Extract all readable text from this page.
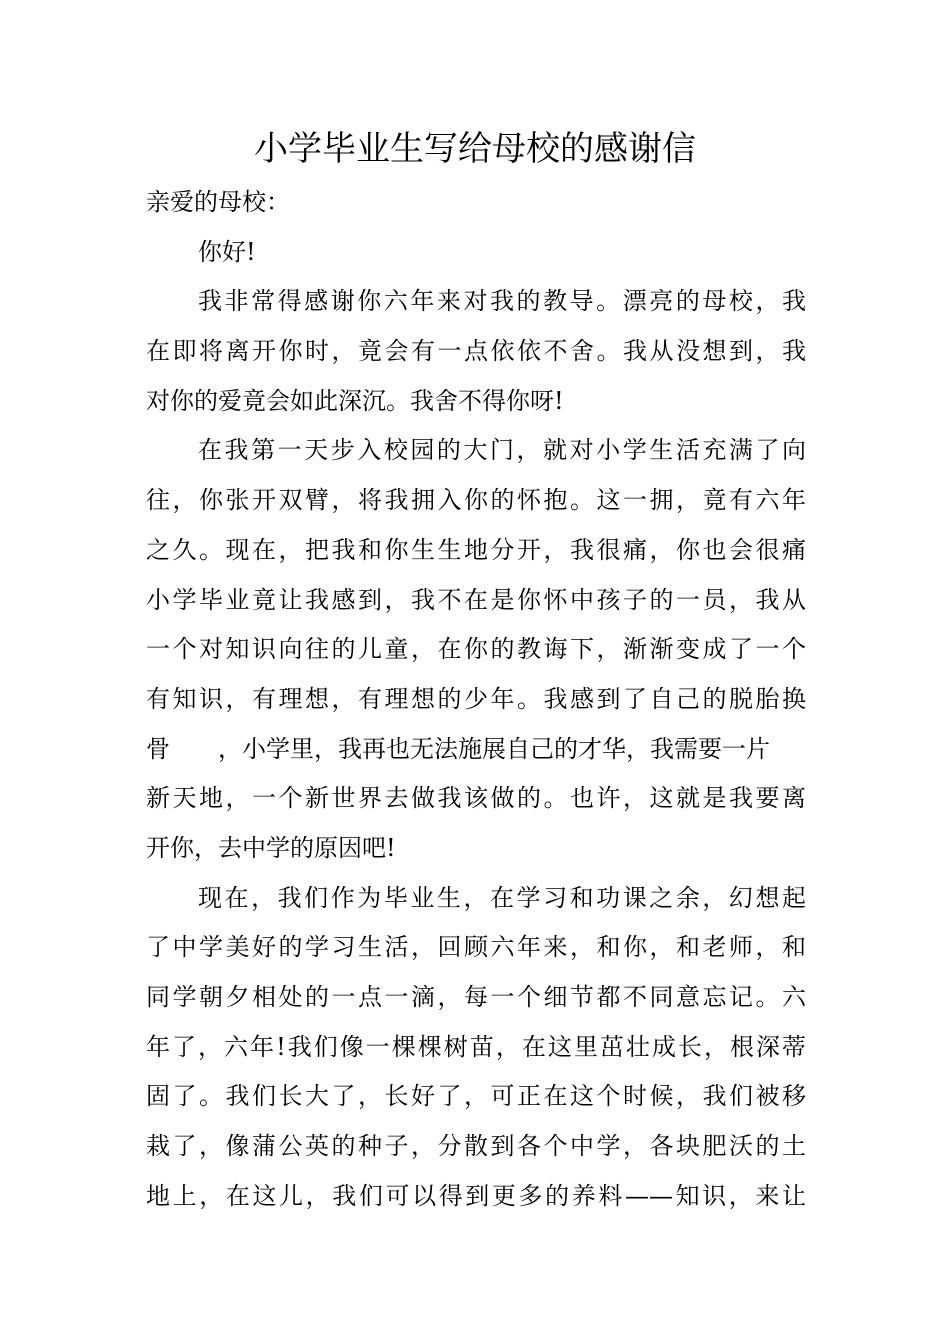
小学毕业生写给母校的感谢信
亲爱的母校：
你好!
我非常得感谢你六年来对我的教导。漂亮的母校，我
在即将离开你时，竟会有一点依依不舍。我从没想到，我
对你的爱竟会如此深沉。我舍不得你呀!
在我第一天步入校园的大门，就对小学生活充满了向
往，你张开双臂，将我拥入你的怀抱。这一拥，竟有六年
之久。现在，把我和你生生地分开，我很痛，你也会很痛
小学毕业竟让我感到，我不在是你怀中孩子的一员，我从
一个对知识向往的儿童，在你的教诲下，渐渐变成了一个
有知识，有理想，有理想的少年。我感到了自己的脱胎换
骨　　，小学里，我再也无法施展自己的才华，我需要一片
新天地，一个新世界去做我该做的。也许，这就是我要离
开你，去中学的原因吧!
现在，我们作为毕业生，在学习和功课之余，幻想起
了中学美好的学习生活，回顾六年来，和你，和老师，和
同学朝夕相处的一点一滴，每一个细节都不同意忘记。六
年了，六年!我们像一棵棵树苗，在这里茁壮成长，根深蒂
固了。我们长大了，长好了，可正在这个时候，我们被移
栽了，像蒲公英的种子，分散到各个中学，各块肥沃的土
地上，在这儿，我们可以得到更多的养料——知识，来让
